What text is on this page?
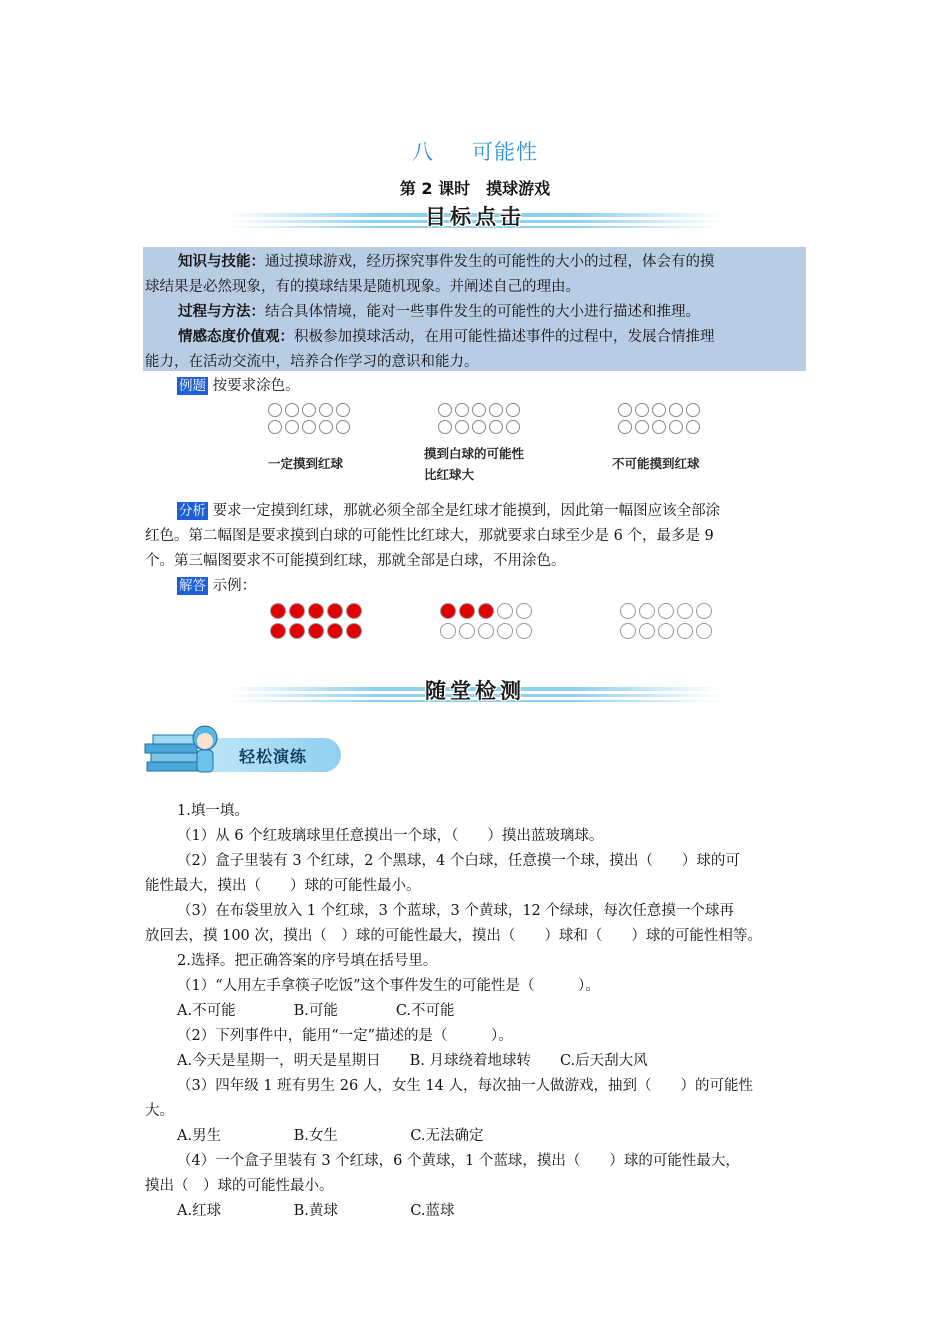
八 可能性
第 2 课时 摸球游戏
目标点击
知识与技能：通过摸球游戏，经历探究事件发生的可能性的大小的过程，体会有的摸
球结果是必然现象，有的摸球结果是随机现象。并阐述自己的理由。
过程与方法：结合具体情境，能对一些事件发生的可能性的大小进行描述和推理。
情感态度价值观：积极参加摸球活动，在用可能性描述事件的过程中，发展合情推理
能力，在活动交流中，培养合作学习的意识和能力。
例题 按要求涂色。
一定摸到红球
摸到白球的可能性
比红球大
不可能摸到红球
分析 要求一定摸到红球，那就必须全部全是红球才能摸到，因此第一幅图应该全部涂
红色。第二幅图是要求摸到白球的可能性比红球大，那就要求白球至少是 6 个，最多是 9
个。第三幅图要求不可能摸到红球，那就全部是白球，不用涂色。
解答 示例：
随堂检测
轻松演练
1.填一填。
（1）从 6 个红玻璃球里任意摸出一个球，（　　）摸出蓝玻璃球。
（2）盒子里装有 3 个红球，2 个黑球，4 个白球，任意摸一个球，摸出（　　）球的可
能性最大，摸出（　　）球的可能性最小。
（3）在布袋里放入 1 个红球，3 个蓝球，3 个黄球，12 个绿球，每次任意摸一个球再
放回去，摸 100 次，摸出（　）球的可能性最大，摸出（　　）球和（　　）球的可能性相等。
2.选择。把正确答案的序号填在括号里。
（1）“人用左手拿筷子吃饭”这个事件发生的可能性是（　　　）。
A.不可能　　　　B.可能　　　　C.不可能
（2）下列事件中，能用“一定”描述的是（　　　）。
A.今天是星期一，明天是星期日　　B. 月球绕着地球转　　C.后天刮大风
（3）四年级 1 班有男生 26 人，女生 14 人，每次抽一人做游戏，抽到（　　）的可能性
大。
A.男生　　　　　B.女生　　　　　C.无法确定
（4）一个盒子里装有 3 个红球，6 个黄球，1 个蓝球，摸出（　　）球的可能性最大，
摸出（　）球的可能性最小。
A.红球　　　　　B.黄球　　　　　C.蓝球
